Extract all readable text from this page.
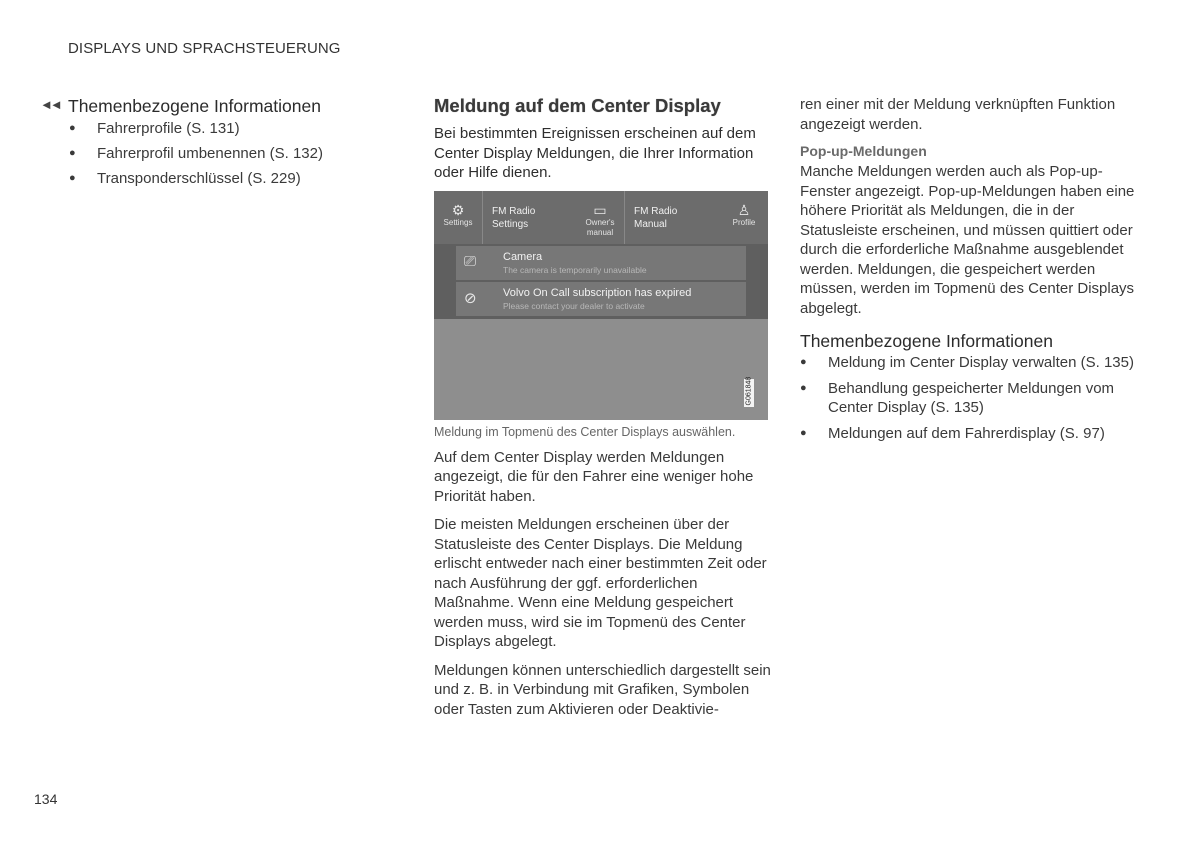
DISPLAYS UND SPRACHSTEUERUNG
◄◄ Themenbezogene Informationen
● Fahrerprofile (S. 131)
● Fahrerprofil umbenennen (S. 132)
● Transponderschlüssel (S. 229)
Meldung auf dem Center Display

Bei bestimmten Ereignissen erscheinen auf dem Center Display Meldungen, die Ihrer Information oder Hilfe dienen.

⚙
Settings
FM Radio
Settings
▭
Owner's manual
FM Radio
Manual
♙
Profile
⎚ Camera
The camera is temporarily unavailable
⊘ Volvo On Call subscription has expired
Please contact your dealer to activate
G061848
Meldung im Topmenü des Center Displays auswählen.

Auf dem Center Display werden Meldungen angezeigt, die für den Fahrer eine weniger hohe Priorität haben.

Die meisten Meldungen erscheinen über der Statusleiste des Center Displays. Die Meldung erlischt entweder nach einer bestimmten Zeit oder nach Ausführung der ggf. erforderlichen Maßnahme. Wenn eine Meldung gespeichert werden muss, wird sie im Topmenü des Center Displays abgelegt.

Meldungen können unterschiedlich dargestellt sein und z. B. in Verbindung mit Grafiken, Symbolen oder Tasten zum Aktivieren oder Deaktivie-

ren einer mit der Meldung verknüpften Funktion angezeigt werden.

Pop-up-Meldungen

Manche Meldungen werden auch als Pop-up-Fenster angezeigt. Pop-up-Meldungen haben eine höhere Priorität als Meldungen, die in der Statusleiste erscheinen, und müssen quittiert oder durch die erforderliche Maßnahme ausgeblendet werden. Meldungen, die gespeichert werden müssen, werden im Topmenü des Center Displays abgelegt.

Themenbezogene Informationen
● Meldung im Center Display verwalten (S. 135)
● Behandlung gespeicherter Meldungen vom Center Display (S. 135)
● Meldungen auf dem Fahrerdisplay (S. 97)
134
